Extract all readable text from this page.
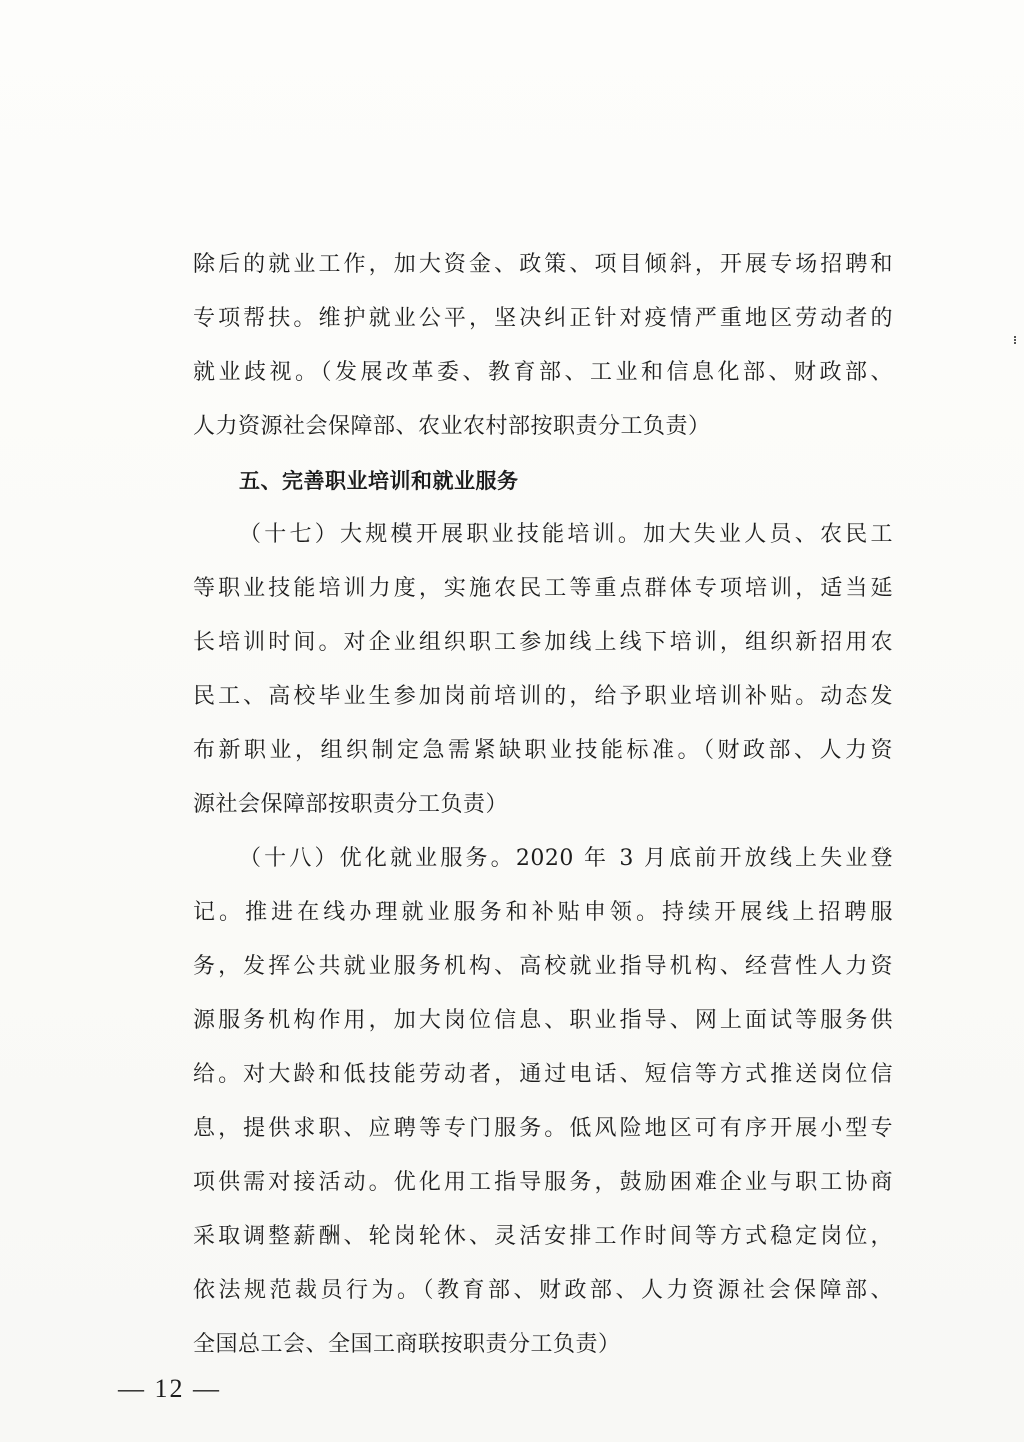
除后的就业工作，加大资金、政策、项目倾斜，开展专场招聘和
专项帮扶。维护就业公平，坚决纠正针对疫情严重地区劳动者的
就业歧视。（发展改革委、教育部、工业和信息化部、财政部、
人力资源社会保障部、农业农村部按职责分工负责）
五、完善职业培训和就业服务
（十七）大规模开展职业技能培训。加大失业人员、农民工
等职业技能培训力度，实施农民工等重点群体专项培训，适当延
长培训时间。对企业组织职工参加线上线下培训，组织新招用农
民工、高校毕业生参加岗前培训的，给予职业培训补贴。动态发
布新职业，组织制定急需紧缺职业技能标准。（财政部、人力资
源社会保障部按职责分工负责）
（十八）优化就业服务。2020 年 3 月底前开放线上失业登
记。推进在线办理就业服务和补贴申领。持续开展线上招聘服
务，发挥公共就业服务机构、高校就业指导机构、经营性人力资
源服务机构作用，加大岗位信息、职业指导、网上面试等服务供
给。对大龄和低技能劳动者，通过电话、短信等方式推送岗位信
息，提供求职、应聘等专门服务。低风险地区可有序开展小型专
项供需对接活动。优化用工指导服务，鼓励困难企业与职工协商
采取调整薪酬、轮岗轮休、灵活安排工作时间等方式稳定岗位，
依法规范裁员行为。（教育部、财政部、人力资源社会保障部、
全国总工会、全国工商联按职责分工负责）
— 12 —
